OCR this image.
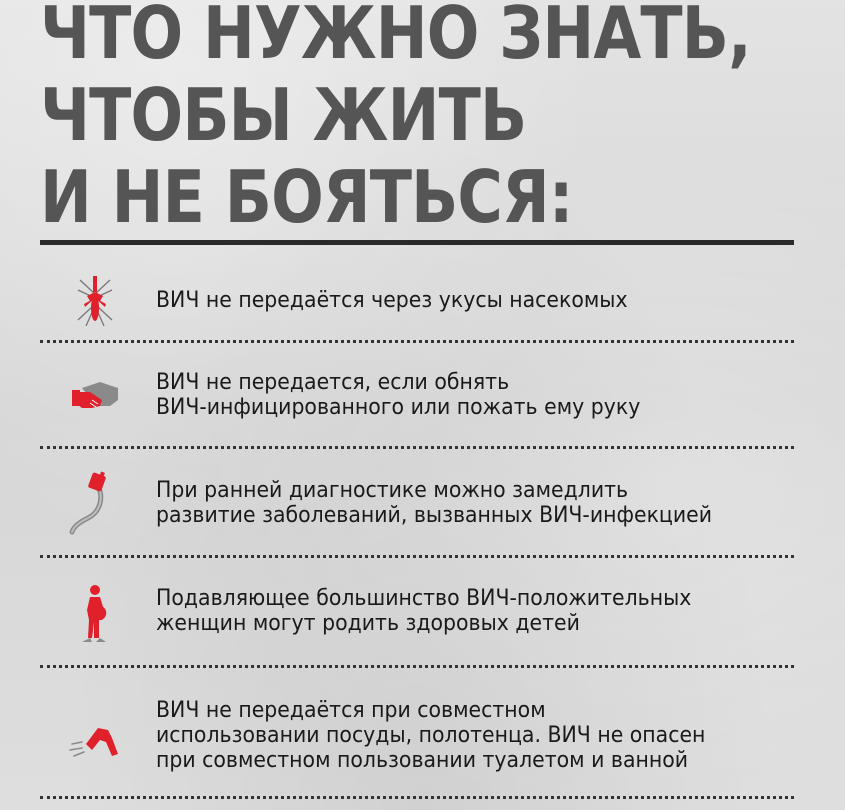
ЧТО НУЖНО ЗНАТЬ,
ЧТОБЫ ЖИТЬ
И НЕ БОЯТЬСЯ:
ВИЧ не передаётся через укусы насекомых
ВИЧ не передается, если обнять
ВИЧ-инфицированного или пожать ему руку
При ранней диагностике можно замедлить
развитие заболеваний, вызванных ВИЧ-инфекцией
Подавляющее большинство ВИЧ-положительных
женщин могут родить здоровых детей
ВИЧ не передаётся при совместном
использовании посуды, полотенца. ВИЧ не опасен
при совместном пользовании туалетом и ванной
